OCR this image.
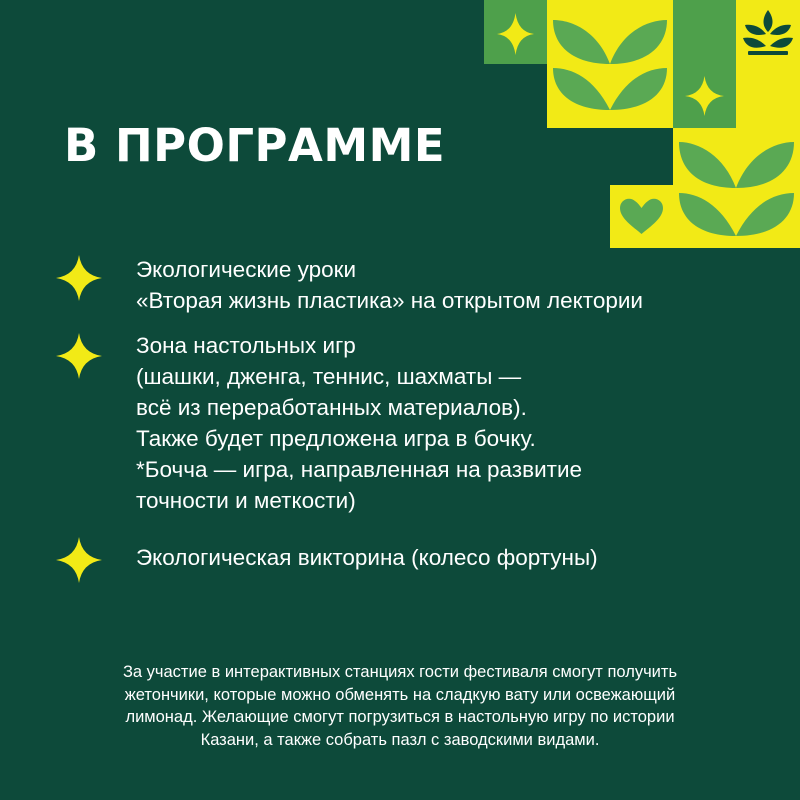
В ПРОГРАММЕ
Экологические уроки
«Вторая жизнь пластика» на открытом лектории
Зона настольных игр
(шашки, дженга, теннис, шахматы —
всё из переработанных материалов).
Также будет предложена игра в бочку.
*Бочча — игра, направленная на развитие
точности и меткости)
Экологическая викторина (колесо фортуны)

За участие в интерактивных станциях гости фестиваля смогут получить
жетончики, которые можно обменять на сладкую вату или освежающий
лимонад. Желающие смогут погрузиться в настольную игру по истории
Казани, а также собрать пазл с заводскими видами.
